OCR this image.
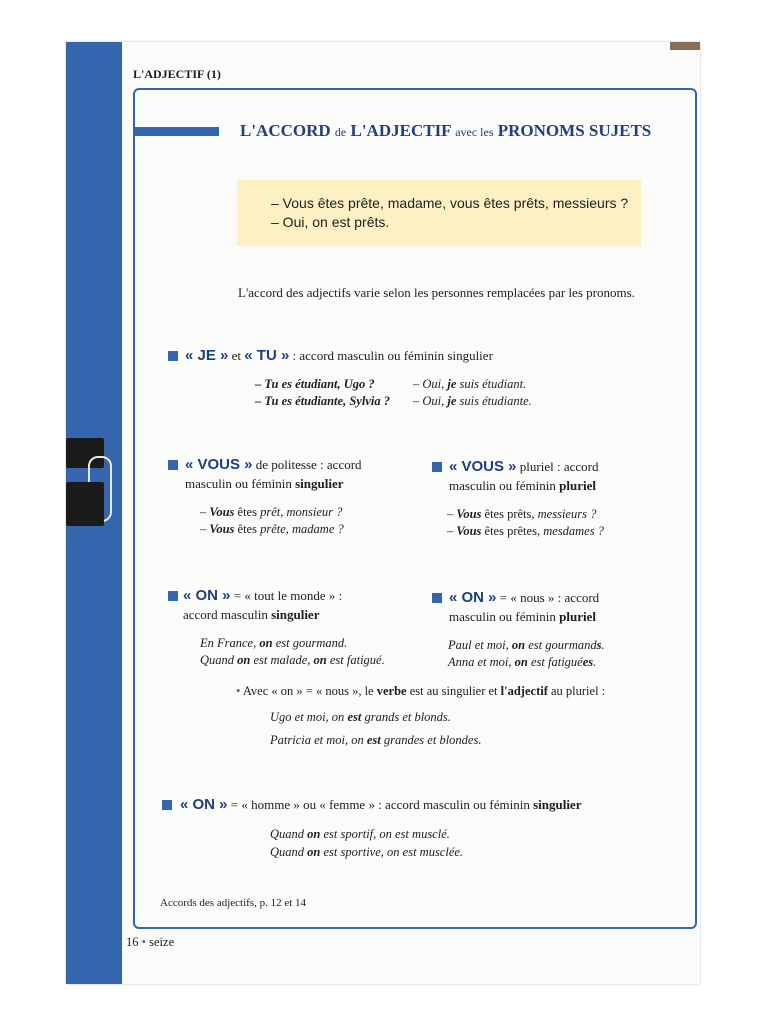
L'ADJECTIF (1)
L'ACCORD de L'ADJECTIF avec les PRONOMS SUJETS
– Vous êtes prête, madame, vous êtes prêts, messieurs ?
– Oui, on est prêts.
L'accord des adjectifs varie selon les personnes remplacées par les pronoms.
« JE » et « TU » : accord masculin ou féminin singulier
– Tu es étudiant, Ugo ?
– Tu es étudiante, Sylvia ?
– Oui, je suis étudiant.
– Oui, je suis étudiante.
« VOUS » de politesse : accord
masculin ou féminin singulier
– Vous êtes prêt, monsieur ?
– Vous êtes prête, madame ?
« VOUS » pluriel : accord
masculin ou féminin pluriel
– Vous êtes prêts, messieurs ?
– Vous êtes prêtes, mesdames ?
« ON » = « tout le monde » :
accord masculin singulier
En France, on est gourmand.
Quand on est malade, on est fatigué.
« ON » = « nous » : accord
masculin ou féminin pluriel
Paul et moi, on est gourmands.
Anna et moi, on est fatiguées.
• Avec « on » = « nous », le verbe est au singulier et l'adjectif au pluriel :
Ugo et moi, on est grands et blonds.
Patricia et moi, on est grandes et blondes.
« ON » = « homme » ou « femme » : accord masculin ou féminin singulier
Quand on est sportif, on est musclé.
Quand on est sportive, on est musclée.
Accords des adjectifs, p. 12 et 14
16 • seize
